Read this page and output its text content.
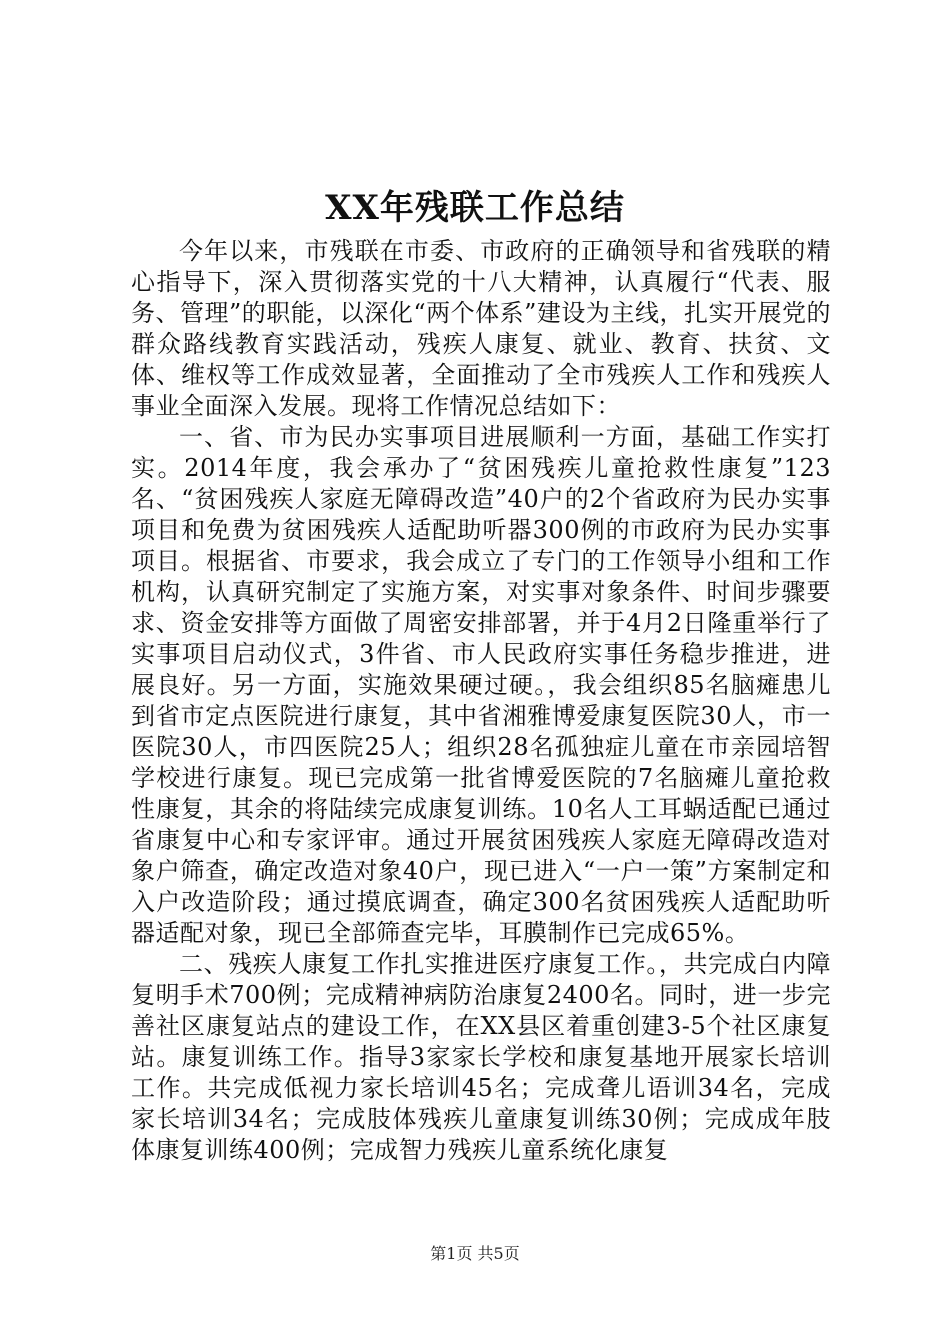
XX年残联工作总结

今年以来，市残联在市委、市政府的正确领导和省残联的精心指导下，深入贯彻落实党的十八大精神，认真履行“代表、服务、管理”的职能，以深化“两个体系”建设为主线，扎实开展党的群众路线教育实践活动，残疾人康复、就业、教育、扶贫、文体、维权等工作成效显著，全面推动了全市残疾人工作和残疾人事业全面深入发展。现将工作情况总结如下：

一、省、市为民办实事项目进展顺利一方面，基础工作实打实。2014年度，我会承办了“贫困残疾儿童抢救性康复”123名、“贫困残疾人家庭无障碍改造”40户的2个省政府为民办实事项目和免费为贫困残疾人适配助听器300例的市政府为民办实事项目。根据省、市要求，我会成立了专门的工作领导小组和工作机构，认真研究制定了实施方案，对实事对象条件、时间步骤要求、资金安排等方面做了周密安排部署，并于4月2日隆重举行了实事项目启动仪式，3件省、市人民政府实事任务稳步推进，进展良好。另一方面，实施效果硬过硬。，我会组织85名脑瘫患儿到省市定点医院进行康复，其中省湘雅博爱康复医院30人，市一医院30人，市四医院25人；组织28名孤独症儿童在市亲园培智学校进行康复。现已完成第一批省博爱医院的7名脑瘫儿童抢救性康复，其余的将陆续完成康复训练。10名人工耳蜗适配已通过省康复中心和专家评审。通过开展贫困残疾人家庭无障碍改造对象户筛查，确定改造对象40户，现已进入“一户一策”方案制定和入户改造阶段；通过摸底调查，确定300名贫困残疾人适配助听器适配对象，现已全部筛查完毕，耳膜制作已完成65%。

二、残疾人康复工作扎实推进医疗康复工作。，共完成白内障复明手术700例；完成精神病防治康复2400名。同时，进一步完善社区康复站点的建设工作，在XX县区着重创建3-5个社区康复站。康复训练工作。指导3家家长学校和康复基地开展家长培训工作。共完成低视力家长培训45名；完成聋儿语训34名，完成家长培训34名；完成肢体残疾儿童康复训练30例；完成成年肢体康复训练400例；完成智力残疾儿童系统化康复

第1页 共5页
